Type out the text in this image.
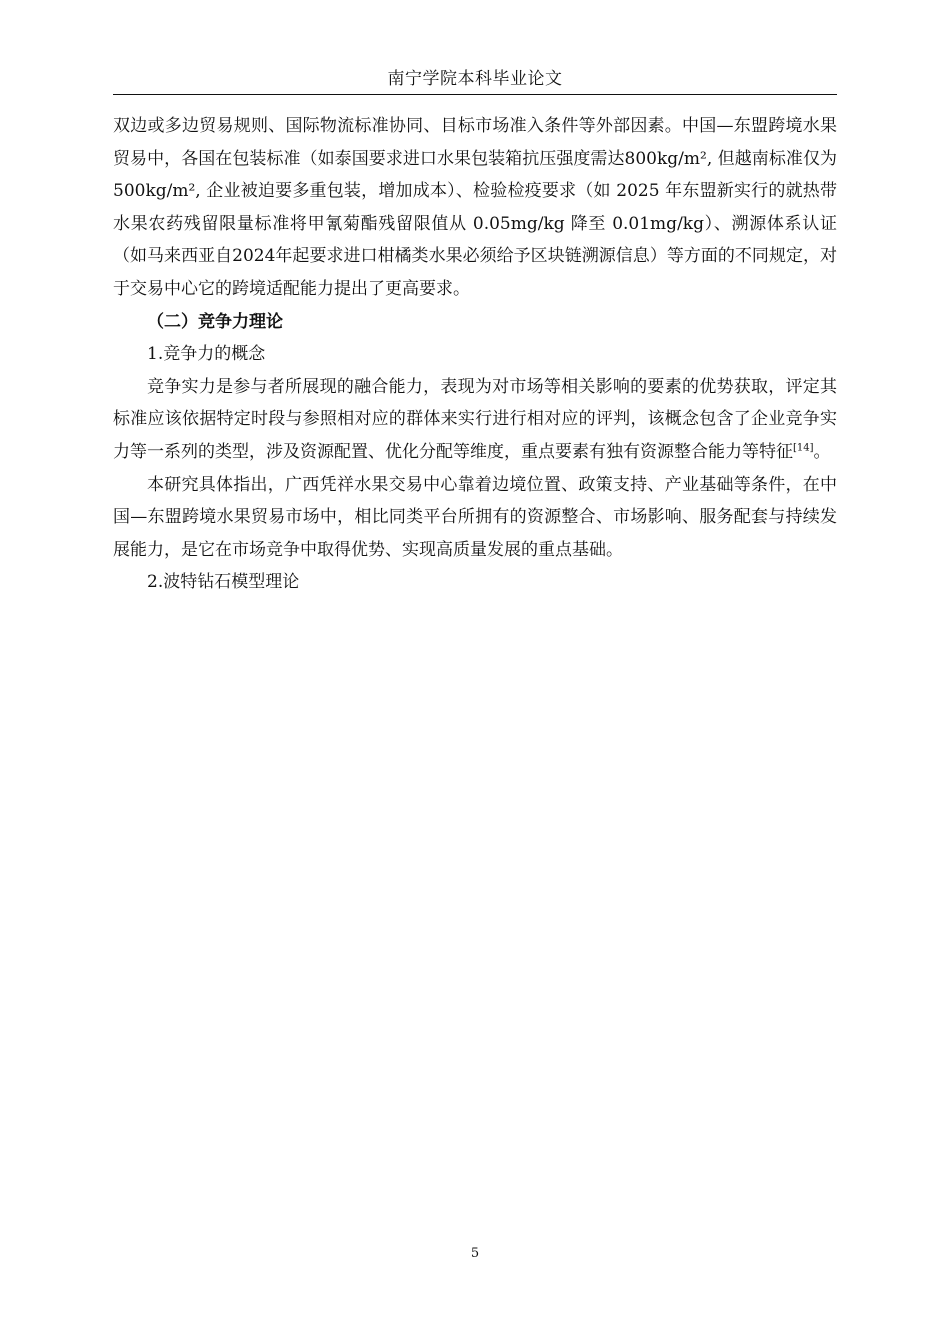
南宁学院本科毕业论文

双边或多边贸易规则、国际物流标准协同、目标市场准入条件等外部因素。中国—东盟跨境水果贸易中，各国在包装标准（如泰国要求进口水果包装箱抗压强度需达800kg/m², 但越南标准仅为 500kg/m², 企业被迫要多重包装，增加成本）、检验检疫要求（如 2025 年东盟新实行的就热带水果农药残留限量标准将甲氰菊酯残留限值从 0.05mg/kg 降至 0.01mg/kg）、溯源体系认证（如马来西亚自2024年起要求进口柑橘类水果必须给予区块链溯源信息）等方面的不同规定，对于交易中心它的跨境适配能力提出了更高要求。

（二）竞争力理论

1.竞争力的概念

竞争实力是参与者所展现的融合能力，表现为对市场等相关影响的要素的优势获取，评定其标准应该依据特定时段与参照相对应的群体来实行进行相对应的评判，该概念包含了企业竞争实力等一系列的类型，涉及资源配置、优化分配等维度，重点要素有独有资源整合能力等特征[14]。

本研究具体指出，广西凭祥水果交易中心靠着边境位置、政策支持、产业基础等条件，在中国—东盟跨境水果贸易市场中，相比同类平台所拥有的资源整合、市场影响、服务配套与持续发展能力，是它在市场竞争中取得优势、实现高质量发展的重点基础。

2.波特钻石模型理论

5
